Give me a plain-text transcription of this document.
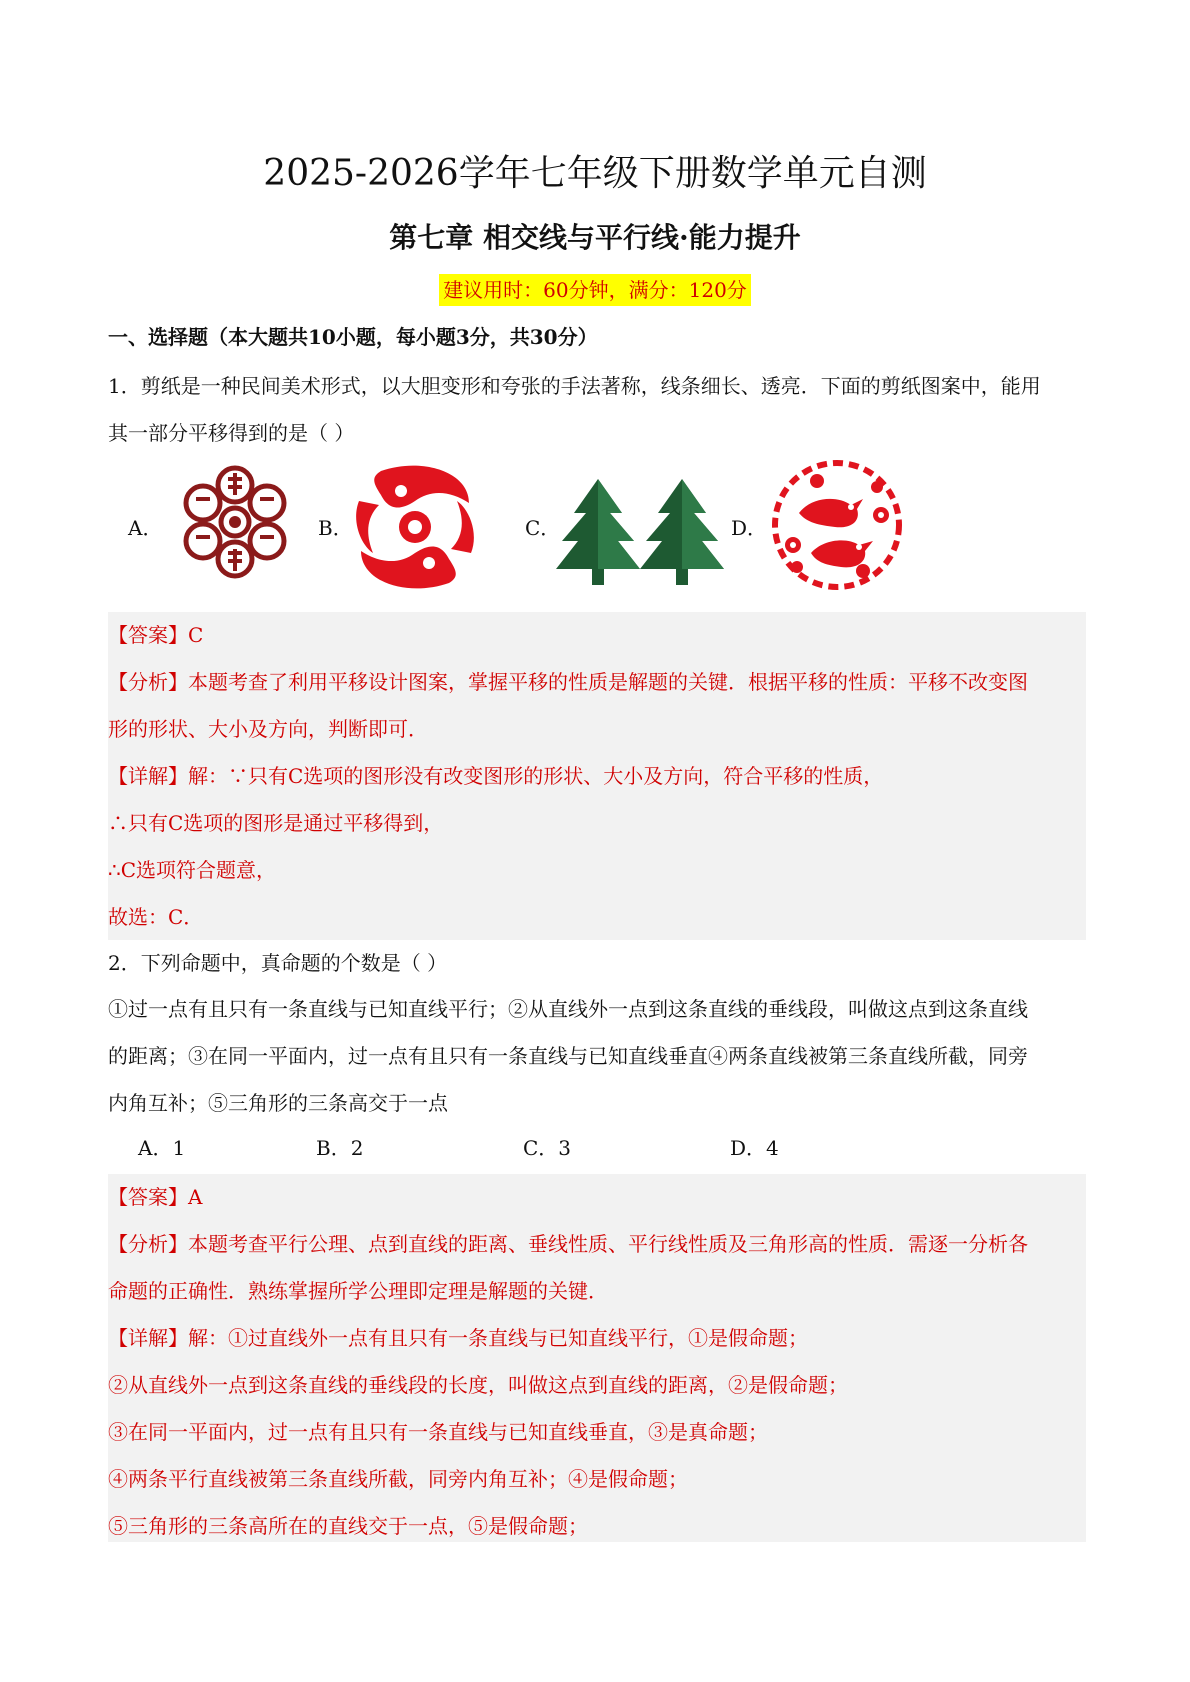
2025-2026学年七年级下册数学单元自测
第七章 相交线与平行线·能力提升
建议用时：60分钟，满分：120分
一、选择题（本大题共10小题，每小题3分，共30分）
1．剪纸是一种民间美术形式，以大胆变形和夸张的手法著称，线条细长、透亮．下面的剪纸图案中，能用
其一部分平移得到的是（ ）
A．	B．	C．	D．
【答案】C
【分析】本题考查了利用平移设计图案，掌握平移的性质是解题的关键．根据平移的性质：平移不改变图
形的形状、大小及方向，判断即可．
【详解】解：∵只有C选项的图形没有改变图形的形状、大小及方向，符合平移的性质，
∴只有C选项的图形是通过平移得到，
∴C选项符合题意，
故选：C．
2．下列命题中，真命题的个数是（ ）
①过一点有且只有一条直线与已知直线平行；②从直线外一点到这条直线的垂线段，叫做这点到这条直线
的距离；③在同一平面内，过一点有且只有一条直线与已知直线垂直④两条直线被第三条直线所截，同旁
内角互补；⑤三角形的三条高交于一点
A．1	B．2	C．3	D．4
【答案】A
【分析】本题考查平行公理、点到直线的距离、垂线性质、平行线性质及三角形高的性质．需逐一分析各
命题的正确性．熟练掌握所学公理即定理是解题的关键．
【详解】解：①过直线外一点有且只有一条直线与已知直线平行，①是假命题；
②从直线外一点到这条直线的垂线段的长度，叫做这点到直线的距离，②是假命题；
③在同一平面内，过一点有且只有一条直线与已知直线垂直，③是真命题；
④两条平行直线被第三条直线所截，同旁内角互补；④是假命题；
⑤三角形的三条高所在的直线交于一点，⑤是假命题；
